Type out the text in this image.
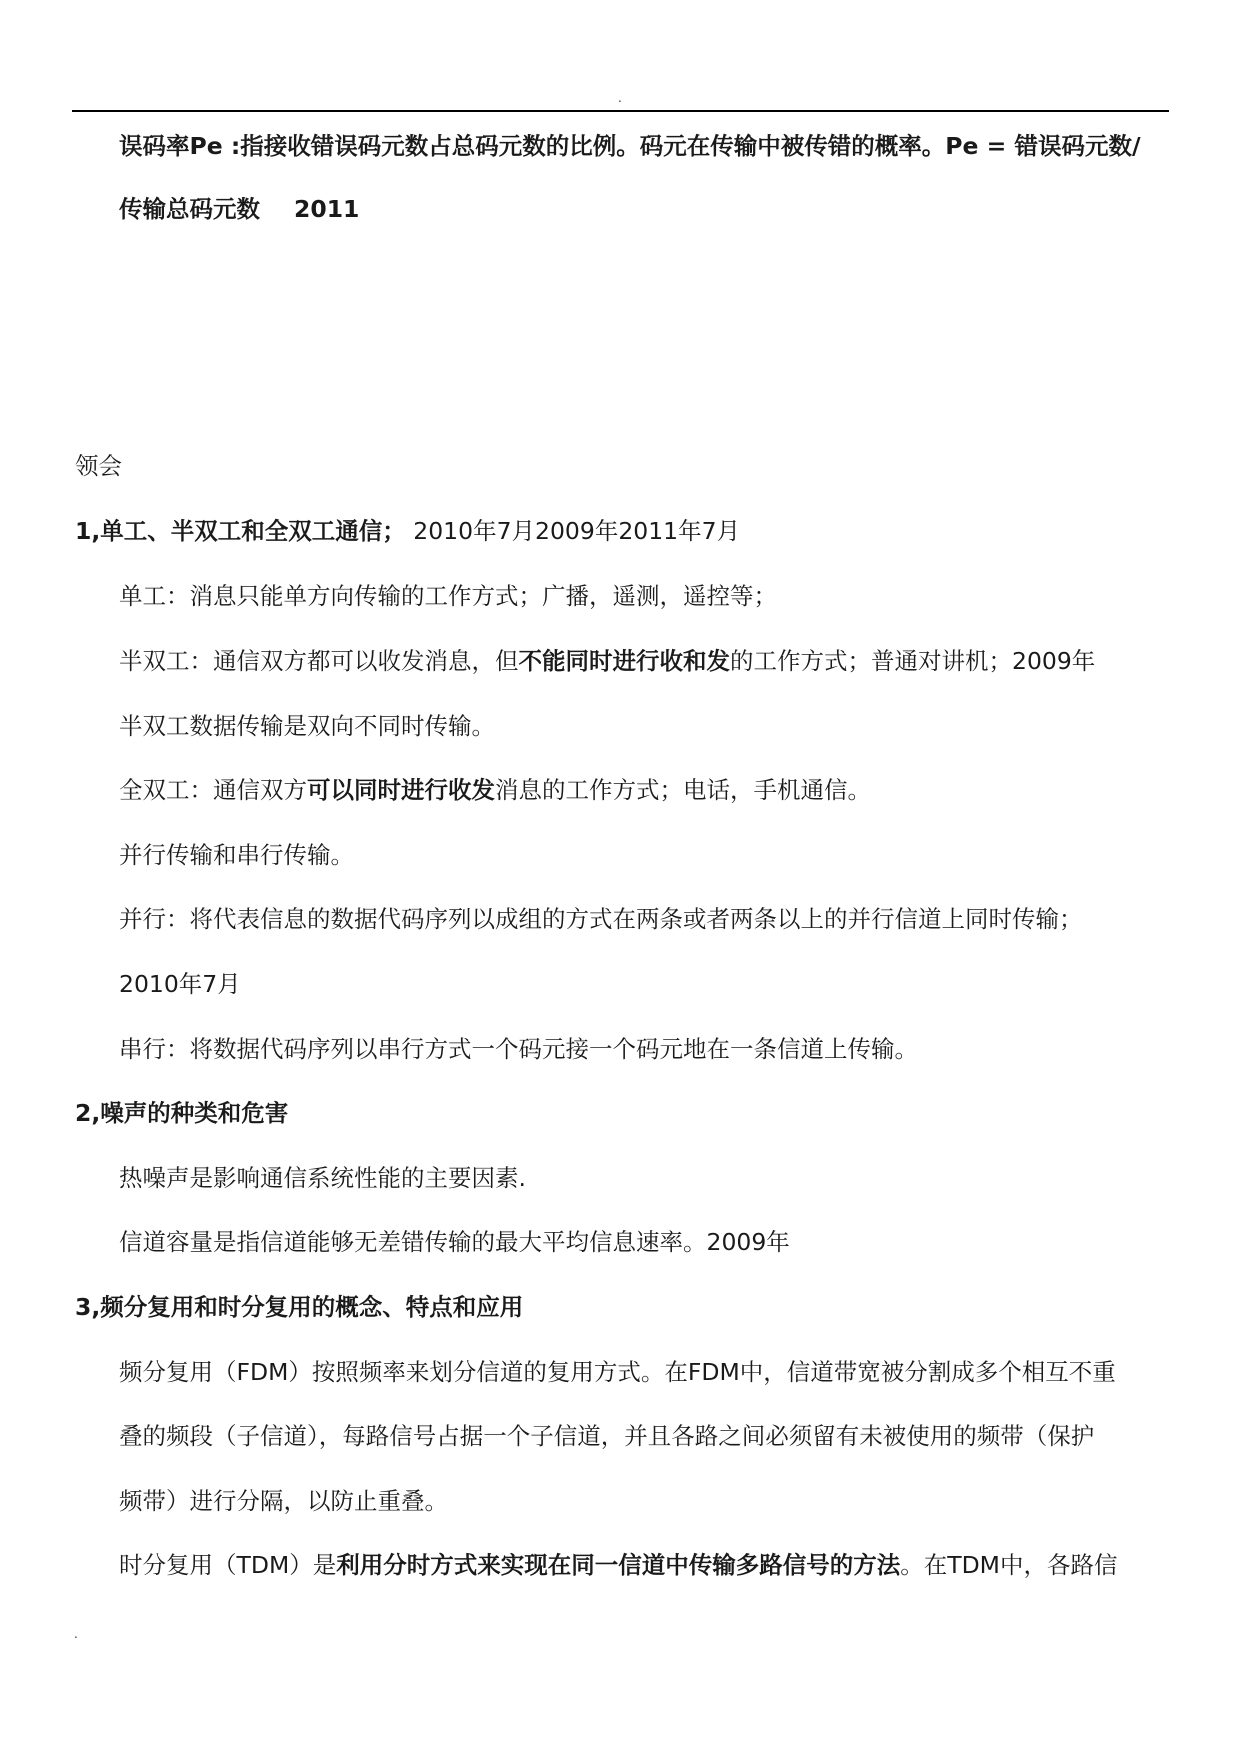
.
误码率Pe :指接收错误码元数占总码元数的比例。码元在传输中被传错的概率。Pe = 错误码元数/
传输总码元数 2011
领会
1,单工、半双工和全双工通信； 2010年7月2009年2011年7月
单工：消息只能单方向传输的工作方式；广播，遥测，遥控等；
半双工：通信双方都可以收发消息，但不能同时进行收和发的工作方式；普通对讲机；2009年
半双工数据传输是双向不同时传输。
全双工：通信双方可以同时进行收发消息的工作方式；电话，手机通信。
并行传输和串行传输。
并行：将代表信息的数据代码序列以成组的方式在两条或者两条以上的并行信道上同时传输；
2010年7月
串行：将数据代码序列以串行方式一个码元接一个码元地在一条信道上传输。
2,噪声的种类和危害
热噪声是影响通信系统性能的主要因素.
信道容量是指信道能够无差错传输的最大平均信息速率。2009年
3,频分复用和时分复用的概念、特点和应用
频分复用（FDM）按照频率来划分信道的复用方式。在FDM中，信道带宽被分割成多个相互不重
叠的频段（子信道），每路信号占据一个子信道，并且各路之间必须留有未被使用的频带（保护
频带）进行分隔，以防止重叠。
时分复用（TDM）是利用分时方式来实现在同一信道中传输多路信号的方法。在TDM中，各路信
.
